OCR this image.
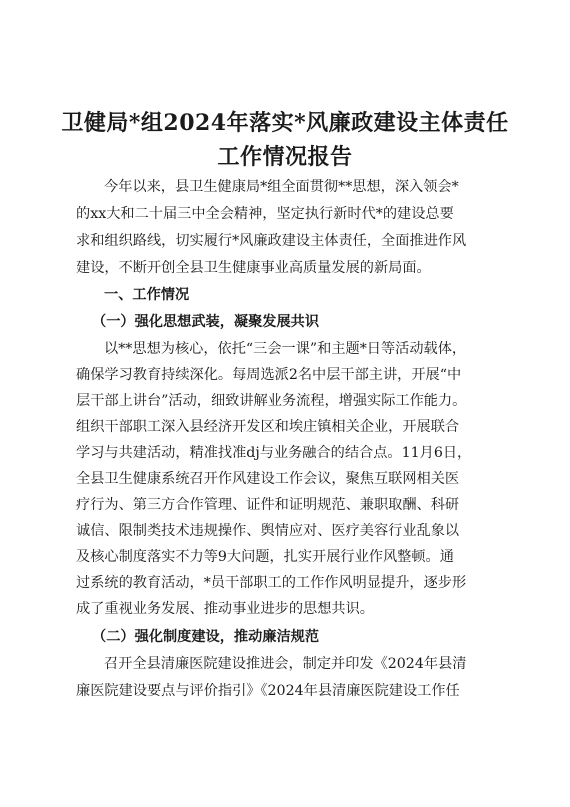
卫健局*组2024年落实*风廉政建设主体责任
工作情况报告

今年以来，县卫生健康局*组全面贯彻**思想，深入领会*

的xx大和二十届三中全会精神，坚定执行新时代*的建设总要

求和组织路线，切实履行*风廉政建设主体责任，全面推进作风

建设，不断开创全县卫生健康事业高质量发展的新局面。

一、工作情况

（一）强化思想武装，凝聚发展共识

以**思想为核心，依托“三会一课”和主题*日等活动载体，

确保学习教育持续深化。每周选派2名中层干部主讲，开展“中

层干部上讲台”活动，细致讲解业务流程，增强实际工作能力。

组织干部职工深入县经济开发区和埃庄镇相关企业，开展联合

学习与共建活动，精准找准dj与业务融合的结合点。11月6日，

全县卫生健康系统召开作风建设工作会议，聚焦互联网相关医

疗行为、第三方合作管理、证件和证明规范、兼职取酬、科研

诚信、限制类技术违规操作、舆情应对、医疗美容行业乱象以

及核心制度落实不力等9大问题，扎实开展行业作风整顿。通

过系统的教育活动，*员干部职工的工作作风明显提升，逐步形

成了重视业务发展、推动事业进步的思想共识。

（二）强化制度建设，推动廉洁规范

召开全县清廉医院建设推进会，制定并印发《2024年县清

廉医院建设要点与评价指引》《2024年县清廉医院建设工作任
